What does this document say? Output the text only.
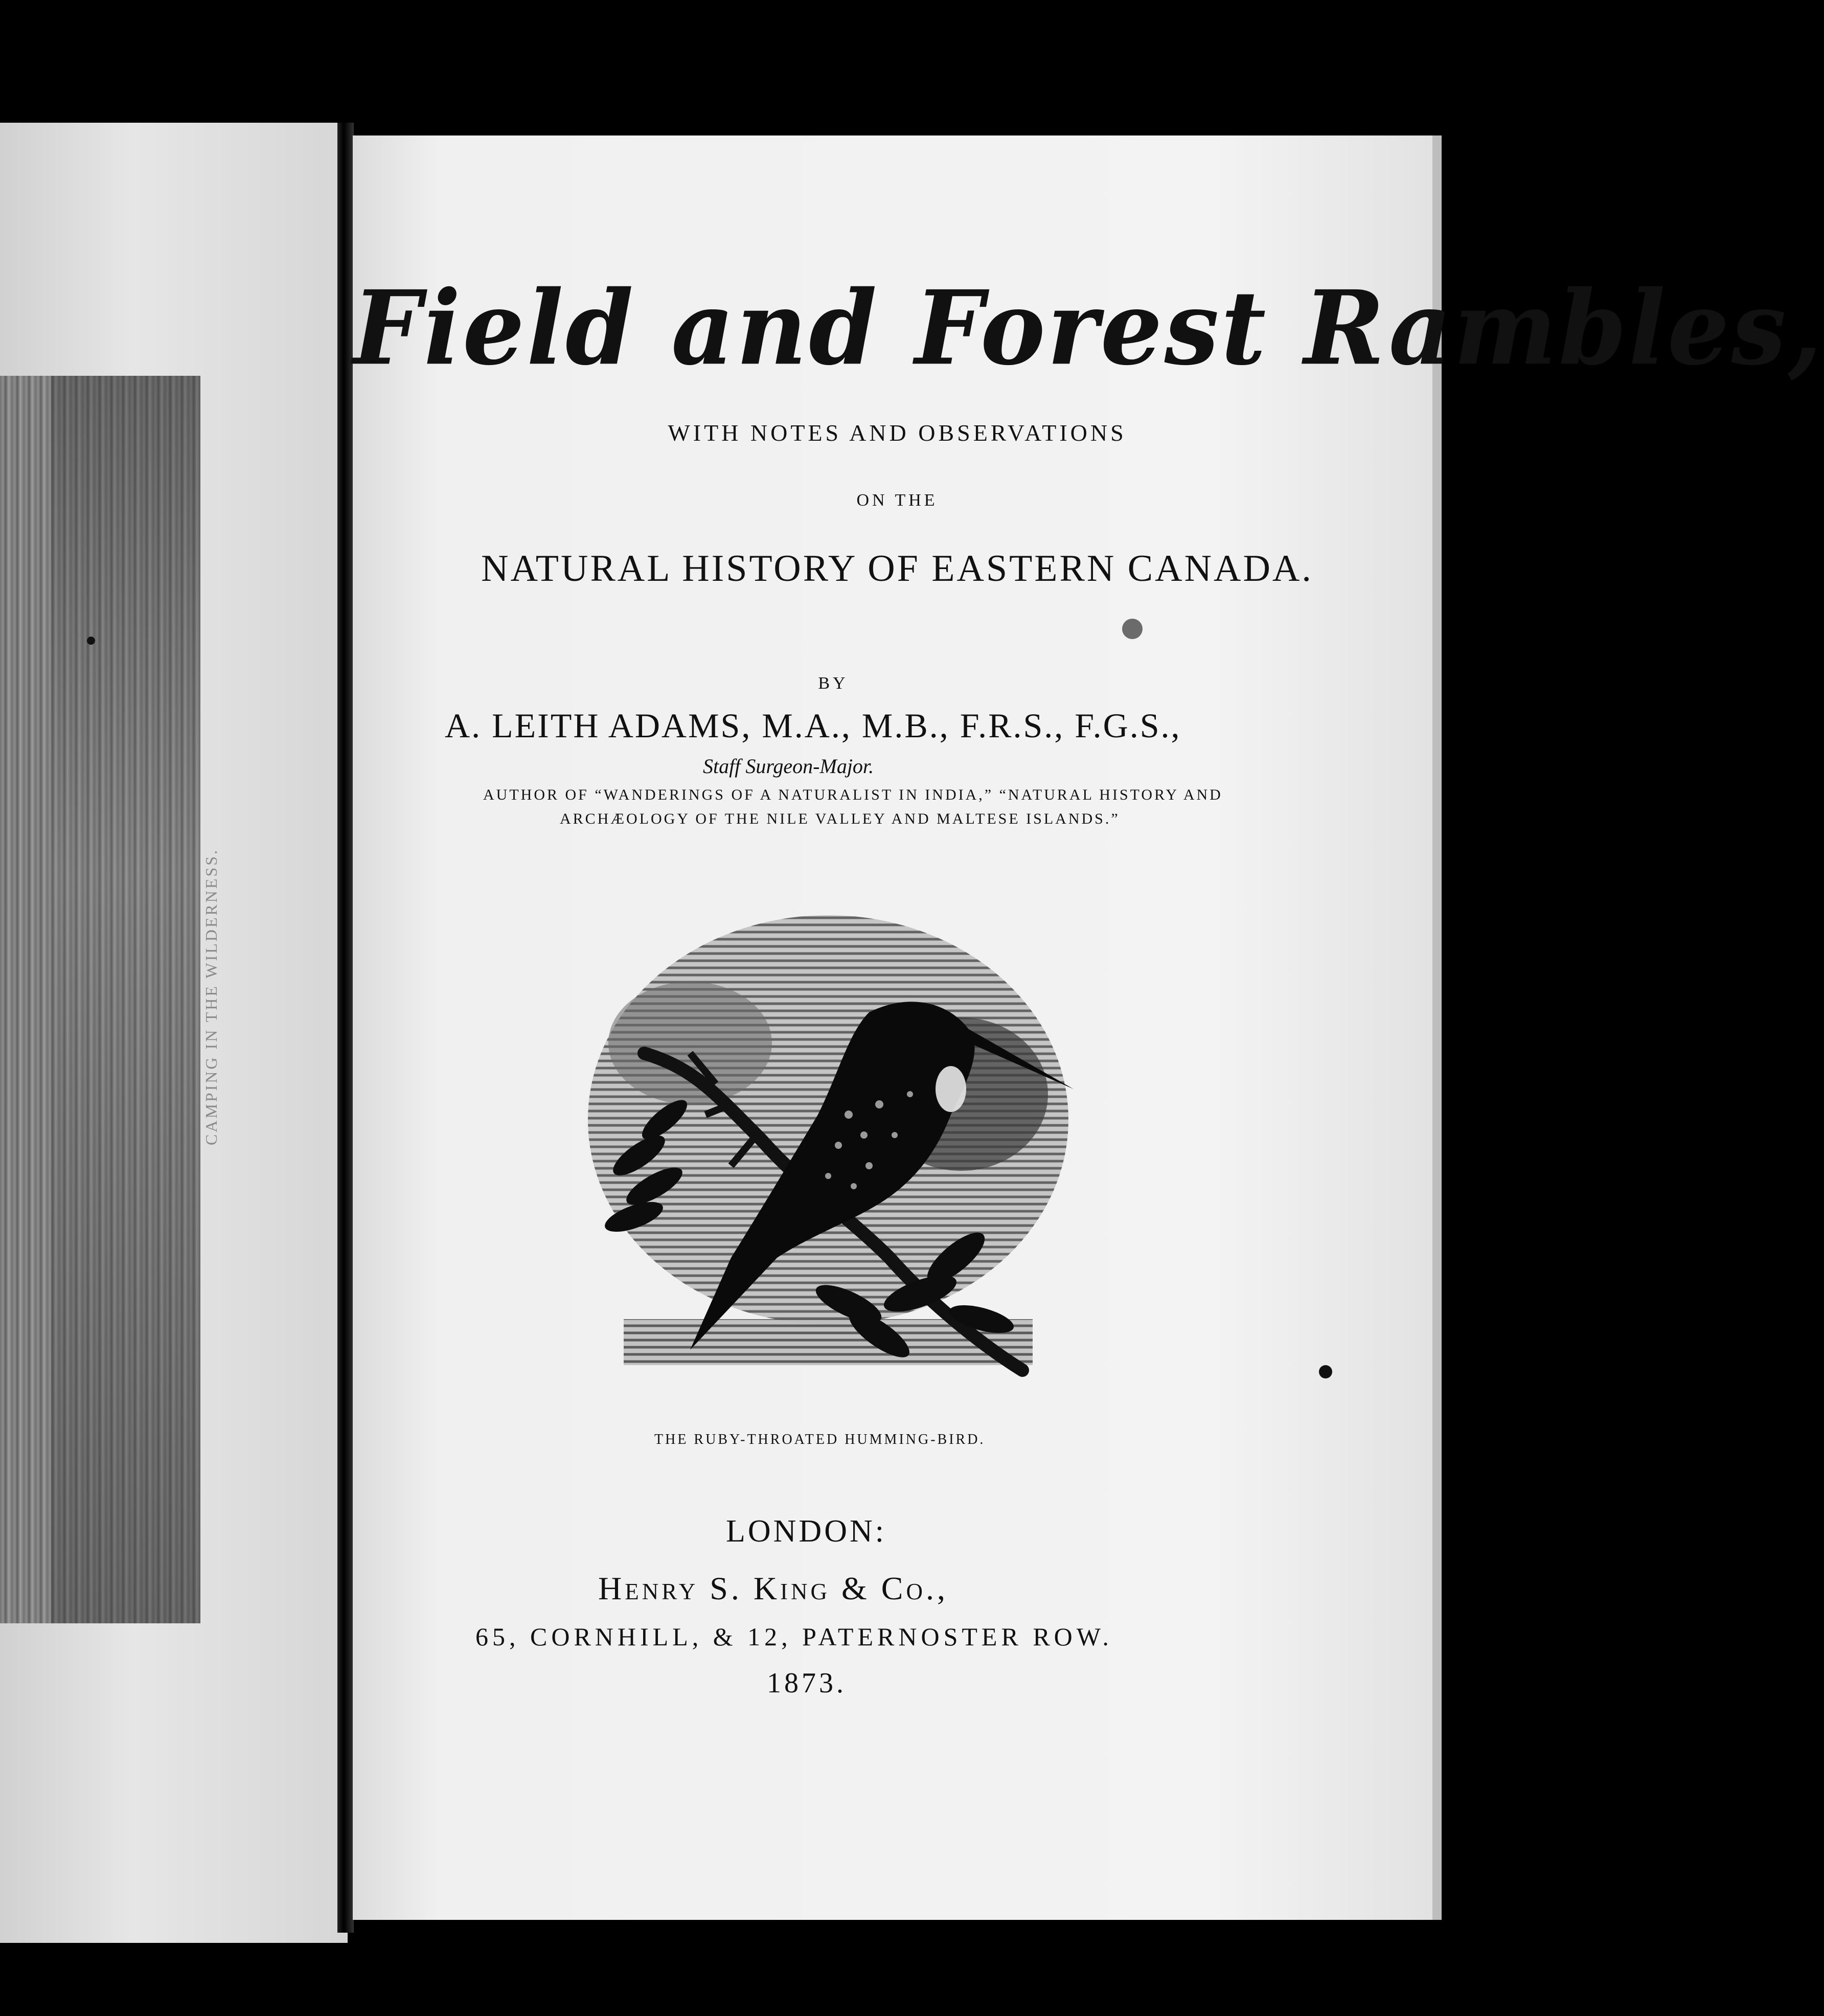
CAMPING IN THE WILDERNESS.
Field and Forest Rambles,
WITH NOTES AND OBSERVATIONS
ON THE
NATURAL HISTORY OF EASTERN CANADA.
BY
A. LEITH ADAMS, M.A., M.B., F.R.S., F.G.S.,
Staff Surgeon-Major.
AUTHOR OF “WANDERINGS OF A NATURALIST IN INDIA,” “NATURAL HISTORY AND
ARCHÆOLOGY OF THE NILE VALLEY AND MALTESE ISLANDS.”
THE RUBY-THROATED HUMMING-BIRD.
LONDON:
Henry S. King & Co.,
65, CORNHILL, & 12, PATERNOSTER ROW.
1873.
